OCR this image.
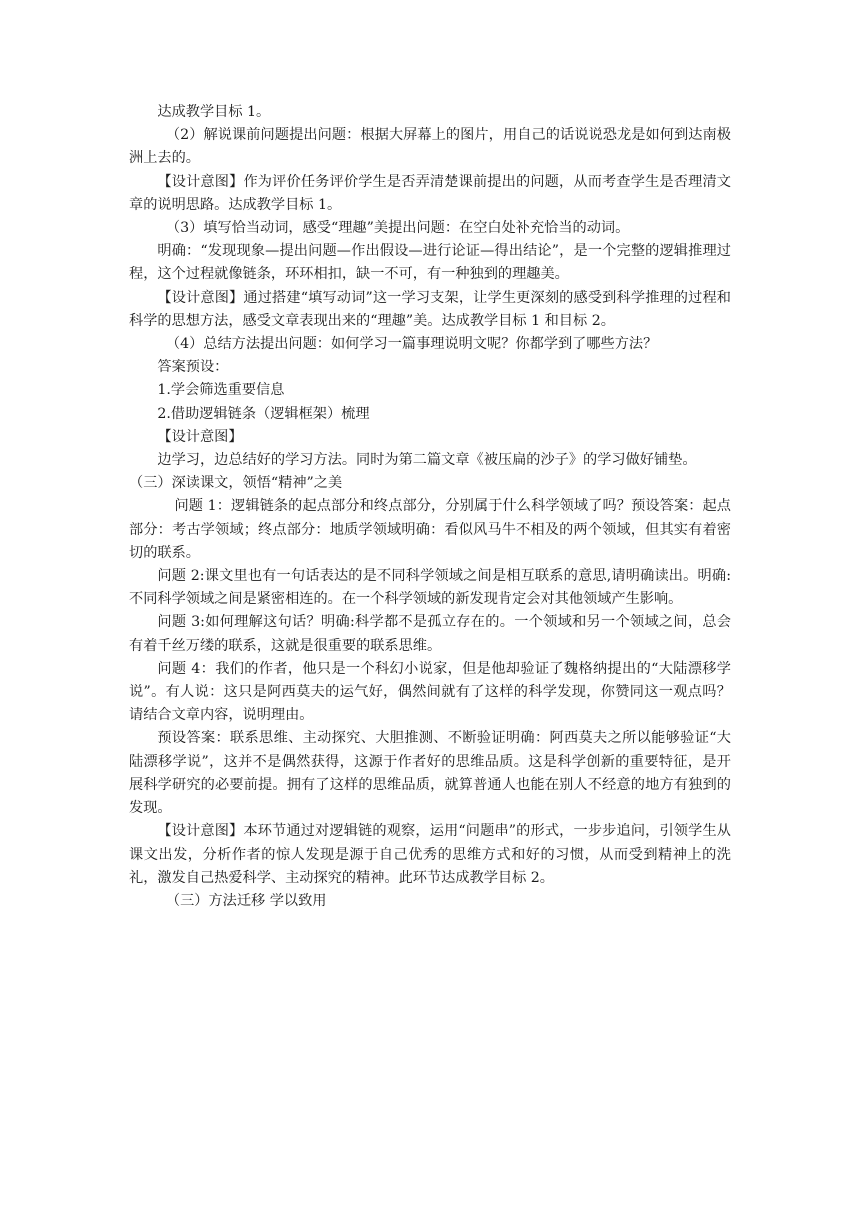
达成教学目标 1。

（2）解说课前问题提出问题：根据大屏幕上的图片，用自己的话说说恐龙是如何到达南极洲上去的。

【设计意图】作为评价任务评价学生是否弄清楚课前提出的问题，从而考查学生是否理清文章的说明思路。达成教学目标 1。

（3）填写恰当动词，感受“理趣”美提出问题：在空白处补充恰当的动词。

明确：“发现现象—提出问题—作出假设—进行论证—得出结论”，是一个完整的逻辑推理过程，这个过程就像链条，环环相扣，缺一不可，有一种独到的理趣美。

【设计意图】通过搭建“填写动词”这一学习支架，让学生更深刻的感受到科学推理的过程和科学的思想方法，感受文章表现出来的“理趣”美。达成教学目标 1 和目标 2。

（4）总结方法提出问题：如何学习一篇事理说明文呢？你都学到了哪些方法？

答案预设：

1.学会筛选重要信息

2.借助逻辑链条（逻辑框架）梳理

【设计意图】

边学习，边总结好的学习方法。同时为第二篇文章《被压扁的沙子》的学习做好铺垫。

（三）深读课文，领悟“精神”之美

问题 1：逻辑链条的起点部分和终点部分，分别属于什么科学领域了吗？预设答案：起点部分：考古学领域；终点部分：地质学领域明确：看似风马牛不相及的两个领域，但其实有着密切的联系。

问题 2:课文里也有一句话表达的是不同科学领域之间是相互联系的意思,请明确读出。明确:不同科学领域之间是紧密相连的。在一个科学领域的新发现肯定会对其他领域产生影响。

问题 3:如何理解这句话？明确:科学都不是孤立存在的。一个领域和另一个领域之间，总会有着千丝万缕的联系，这就是很重要的联系思维。

问题 4：我们的作者，他只是一个科幻小说家，但是他却验证了魏格纳提出的“大陆漂移学说”。有人说：这只是阿西莫夫的运气好，偶然间就有了这样的科学发现，你赞同这一观点吗？请结合文章内容，说明理由。

预设答案：联系思维、主动探究、大胆推测、不断验证明确：阿西莫夫之所以能够验证“大陆漂移学说”，这并不是偶然获得，这源于作者好的思维品质。这是科学创新的重要特征，是开展科学研究的必要前提。拥有了这样的思维品质，就算普通人也能在别人不经意的地方有独到的发现。

【设计意图】本环节通过对逻辑链的观察，运用“问题串”的形式，一步步追问，引领学生从课文出发，分析作者的惊人发现是源于自己优秀的思维方式和好的习惯，从而受到精神上的洗礼，激发自己热爱科学、主动探究的精神。此环节达成教学目标 2。

（三）方法迁移 学以致用
